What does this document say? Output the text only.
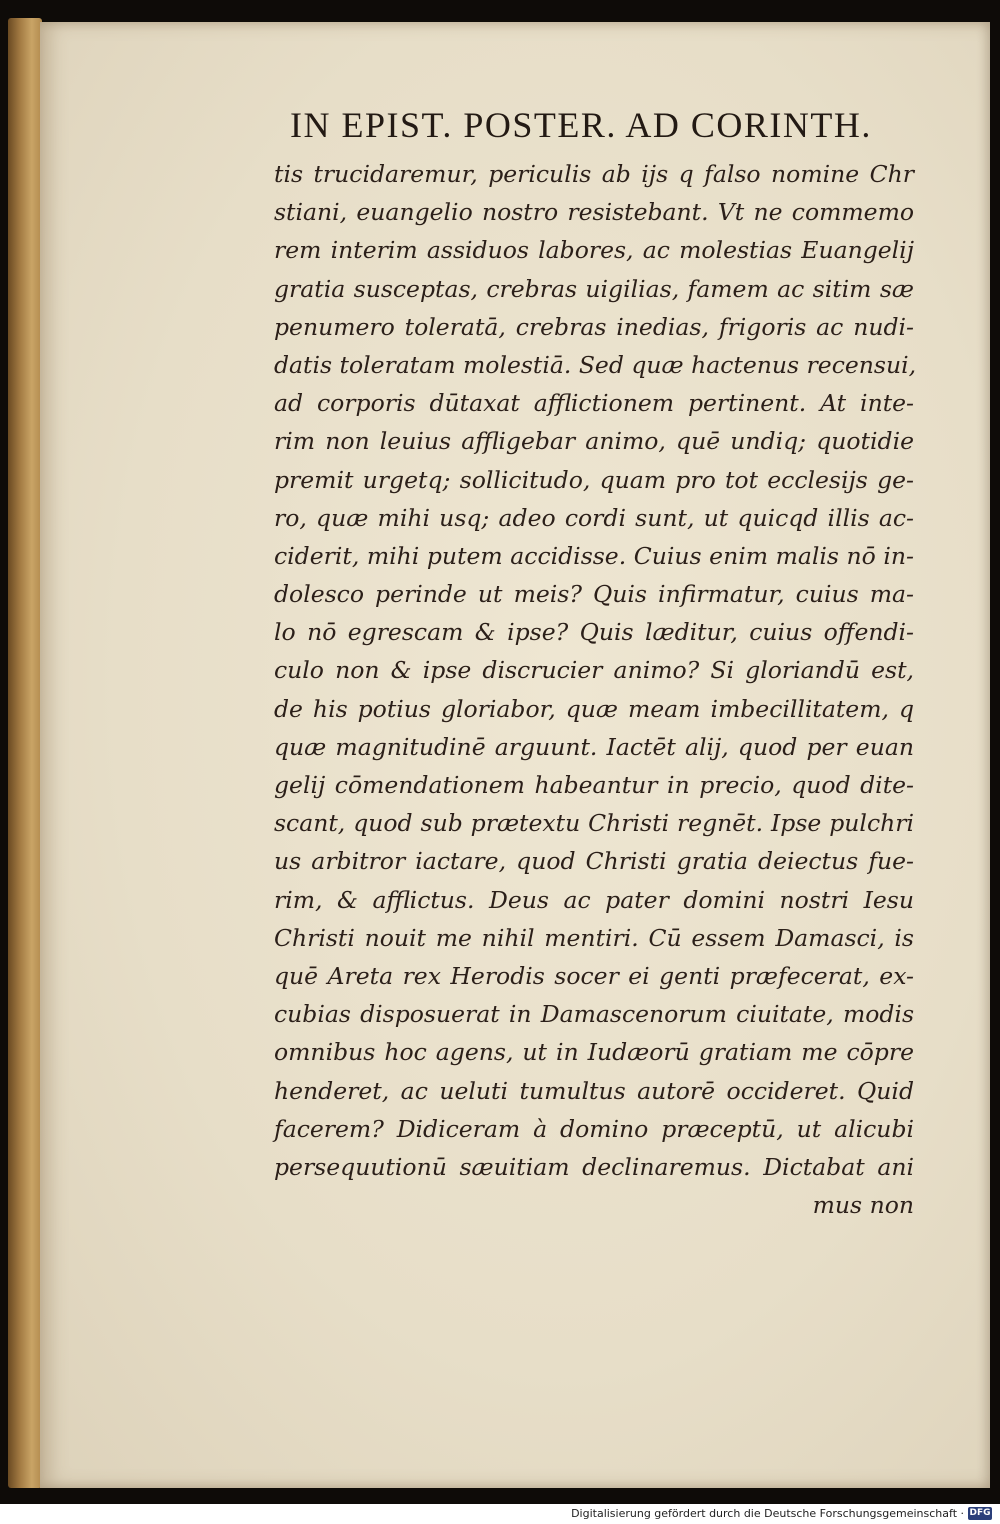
IN EPIST. POSTER. AD CORINTH.
tis trucidaremur, periculis ab ijs q falso nomine Chr
stiani, euangelio nostro resistebant. Vt ne commemo
rem interim assiduos labores, ac molestias Euangelij
gratia susceptas, crebras uigilias, famem ac sitim sæ
penumero toleratā, crebras inedias, frigoris ac nudi-
datis toleratam molestiā. Sed quæ hactenus recensui,
ad corporis dūtaxat afflictionem pertinent. At inte-
rim non leuius affligebar animo, quē undiq; quotidie
premit urgetq; sollicitudo, quam pro tot ecclesijs ge-
ro, quæ mihi usq; adeo cordi sunt, ut quicqd illis ac-
ciderit, mihi putem accidisse. Cuius enim malis nō in-
dolesco perinde ut meis? Quis infirmatur, cuius ma-
lo nō egrescam & ipse? Quis læditur, cuius offendi-
culo non & ipse discrucier animo? Si gloriandū est,
de his potius gloriabor, quæ meam imbecillitatem, q
quæ magnitudinē arguunt. Iactēt alij, quod per euan
gelij cōmendationem habeantur in precio, quod dite-
scant, quod sub prætextu Christi regnēt. Ipse pulchri
us arbitror iactare, quod Christi gratia deiectus fue-
rim, & afflictus. Deus ac pater domini nostri Iesu
Christi nouit me nihil mentiri. Cū essem Damasci, is
quē Areta rex Herodis socer ei genti præfecerat, ex-
cubias disposuerat in Damascenorum ciuitate, modis
omnibus hoc agens, ut in Iudæorū gratiam me cōpre
henderet, ac ueluti tumultus autorē occideret. Quid
facerem? Didiceram à domino præceptū, ut alicubi
persequutionū sæuitiam declinaremus. Dictabat ani
mus non
Digitalisierung gefördert durch die Deutsche Forschungsgemeinschaft · DFG
